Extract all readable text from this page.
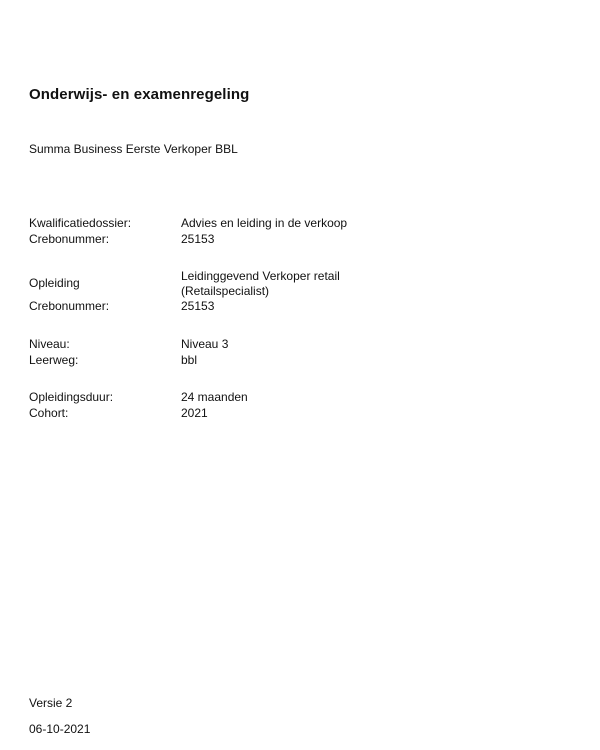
Onderwijs- en examenregeling
Summa Business Eerste Verkoper BBL
Kwalificatiedossier:	Advies en leiding in de verkoop
Crebonummer:	25153
Opleiding	Leidinggevend Verkoper retail
(Retailspecialist)
Crebonummer:	25153
Niveau:	Niveau 3
Leerweg:	bbl
Opleidingsduur:	24 maanden
Cohort:	2021
Versie 2
06-10-2021
